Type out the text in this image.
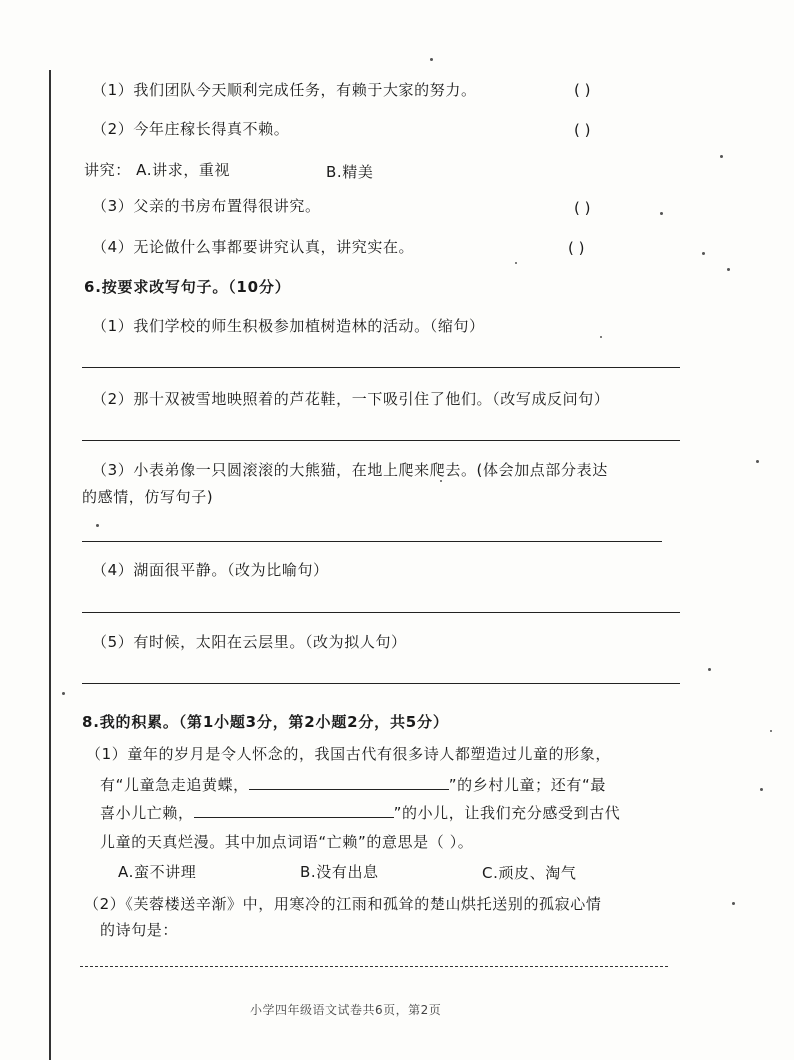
（1）我们团队今天顺利完成任务，有赖于大家的努力。	( )
（2）今年庄稼长得真不赖。	( )
讲究： A.讲求，重视	B.精美
（3）父亲的书房布置得很讲究。	( )
（4）无论做什么事都要讲究认真，讲究实在。	( )
6.按要求改写句子。（10分）
（1）我们学校的师生积极参加植树造林的活动。（缩句）
（2）那十双被雪地映照着的芦花鞋，一下吸引住了他们。（改写成反问句）
（3）小表弟像一只圆滚滚的大熊猫，在地上爬来爬去。(体会加点部分表达
的感情，仿写句子)
（4）湖面很平静。（改为比喻句）
（5）有时候，太阳在云层里。（改为拟人句）
8.我的积累。（第1小题3分，第2小题2分，共5分）
（1）童年的岁月是令人怀念的，我国古代有很多诗人都塑造过儿童的形象，
有“儿童急走追黄蝶，	”的乡村儿童；还有“最
喜小儿亡赖，	”的小儿，让我们充分感受到古代
儿童的天真烂漫。其中加点词语“亡赖”的意思是（ ）。
A.蛮不讲理	B.没有出息	C.顽皮、淘气
（2）《芙蓉楼送辛渐》中，用寒冷的江雨和孤耸的楚山烘托送别的孤寂心情
的诗句是：
小学四年级语文试卷共6页，第2页
